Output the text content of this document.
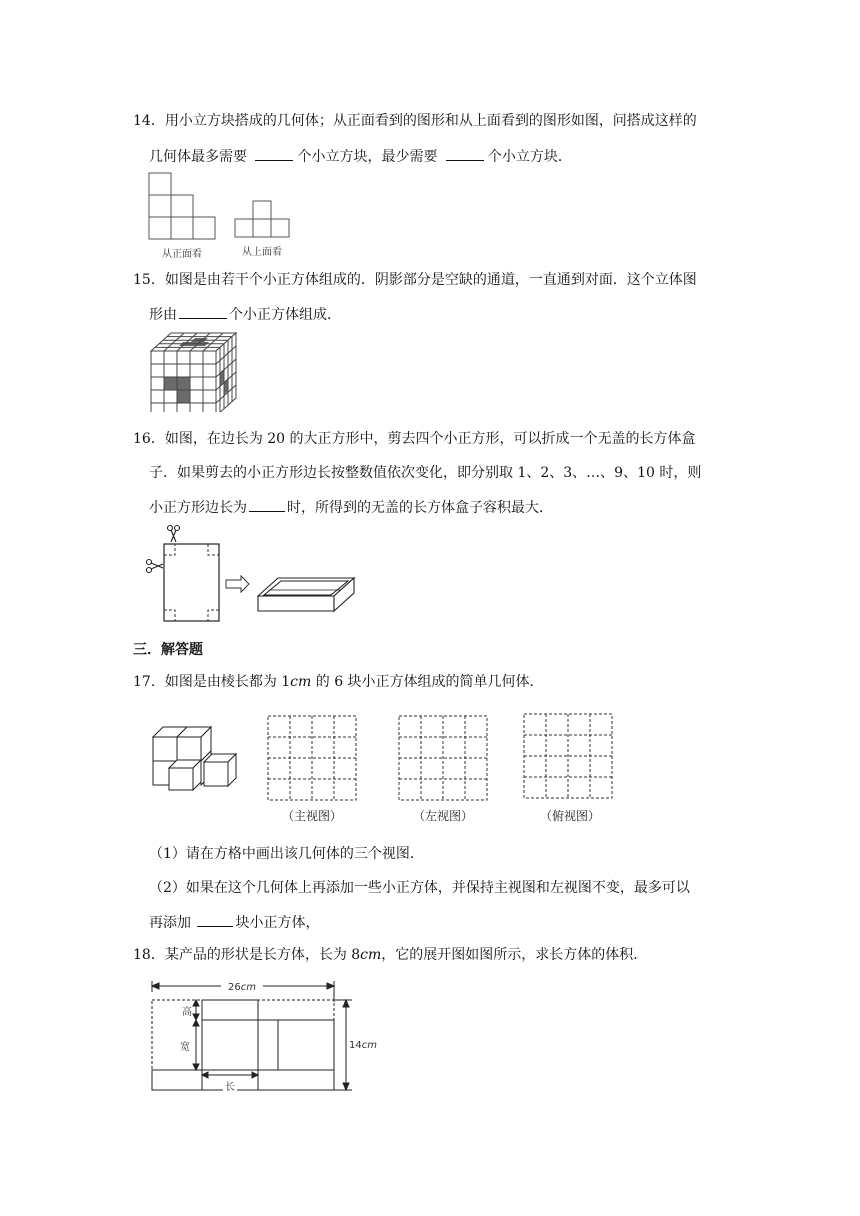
14．用小立方块搭成的几何体；从正面看到的图形和从上面看到的图形如图，问搭成这样的
几何体最多需要	个小立方块，最少需要	个小立方块．
从正面看	从上面看
15．如图是由若干个小正方体组成的．阴影部分是空缺的通道，一直通到对面．这个立体图
形由	个小正方体组成．
16．如图，在边长为 20 的大正方形中，剪去四个小正方形，可以折成一个无盖的长方体盒
子．如果剪去的小正方形边长按整数值依次变化，即分别取 1、2、3、…、9、10 时，则
小正方形边长为	时，所得到的无盖的长方体盒子容积最大．
三．解答题
17．如图是由棱长都为 1cm 的 6 块小正方体组成的简单几何体．
（主视图）	（左视图）	（俯视图）
（1）请在方格中画出该几何体的三个视图．
（2）如果在这个几何体上再添加一些小正方体，并保持主视图和左视图不变，最多可以
再添加	块小正方体，
18．某产品的形状是长方体，长为 8cm，它的展开图如图所示，求长方体的体积．
26cm
高
宽
长
14cm
